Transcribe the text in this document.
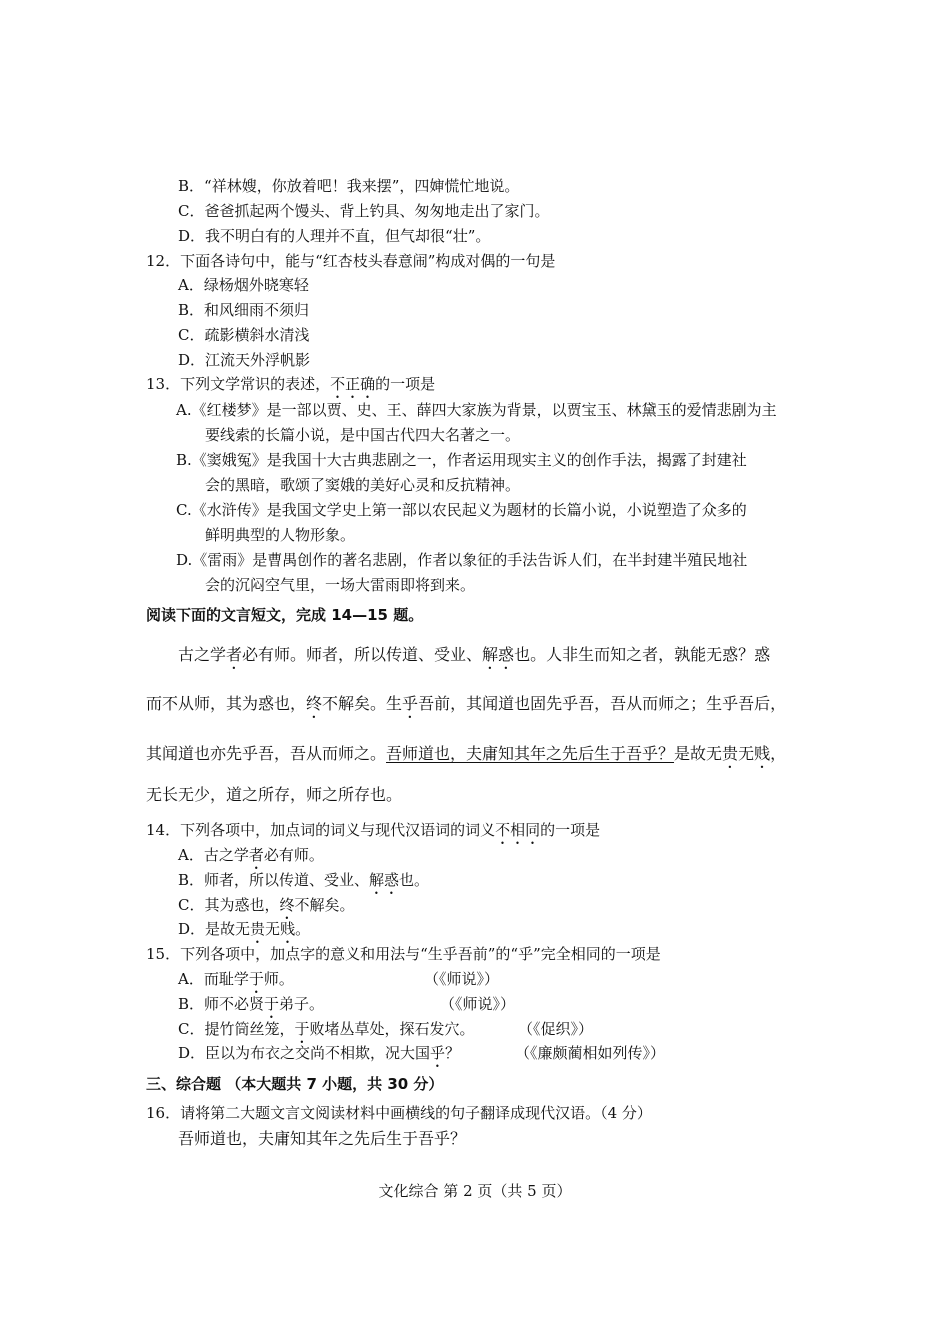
B．“祥林嫂，你放着吧！我来摆”，四婶慌忙地说。
C．爸爸抓起两个馒头、背上钓具、匆匆地走出了家门。
D．我不明白有的人理并不直，但气却很“壮”。
12．下面各诗句中，能与“红杏枝头春意闹”构成对偶的一句是
A．绿杨烟外晓寒轻
B．和风细雨不须归
C．疏影横斜水清浅
D．江流天外浮帆影
13．下列文学常识的表述，不正确的一项是
A.《红楼梦》是一部以贾、史、王、薛四大家族为背景，以贾宝玉、林黛玉的爱情悲剧为主
要线索的长篇小说，是中国古代四大名著之一。
B.《窦娥冤》是我国十大古典悲剧之一，作者运用现实主义的创作手法，揭露了封建社
会的黑暗，歌颂了窦娥的美好心灵和反抗精神。
C.《水浒传》是我国文学史上第一部以农民起义为题材的长篇小说，小说塑造了众多的
鲜明典型的人物形象。
D.《雷雨》是曹禺创作的著名悲剧，作者以象征的手法告诉人们，在半封建半殖民地社
会的沉闷空气里，一场大雷雨即将到来。
阅读下面的文言短文，完成 14—15 题。
古之学者必有师。师者，所以传道、受业、解惑也。人非生而知之者，孰能无惑？惑
而不从师，其为惑也，终不解矣。生乎吾前，其闻道也固先乎吾，吾从而师之；生乎吾后，
其闻道也亦先乎吾，吾从而师之。吾师道也，夫庸知其年之先后生于吾乎？是故无贵无贱，
无长无少，道之所存，师之所存也。
14．下列各项中，加点词的词义与现代汉语词的词义不相同的一项是
A．古之学者必有师。
B．师者，所以传道、受业、解惑也。
C．其为惑也，终不解矣。
D．是故无贵无贱。
15．下列各项中，加点字的意义和用法与“生乎吾前”的“乎”完全相同的一项是
A．而耻学于师。	（《师说》）
B．师不必贤于弟子。	（《师说》）
C．提竹筒丝笼，于败堵丛草处，探石发穴。	（《促织》）
D．臣以为布衣之交尚不相欺，况大国乎？	（《廉颇蔺相如列传》）
三、综合题 （本大题共 7 小题，共 30 分）
16．请将第二大题文言文阅读材料中画横线的句子翻译成现代汉语。（4 分）
吾师道也，夫庸知其年之先后生于吾乎？
文化综合 第 2 页（共 5 页）
